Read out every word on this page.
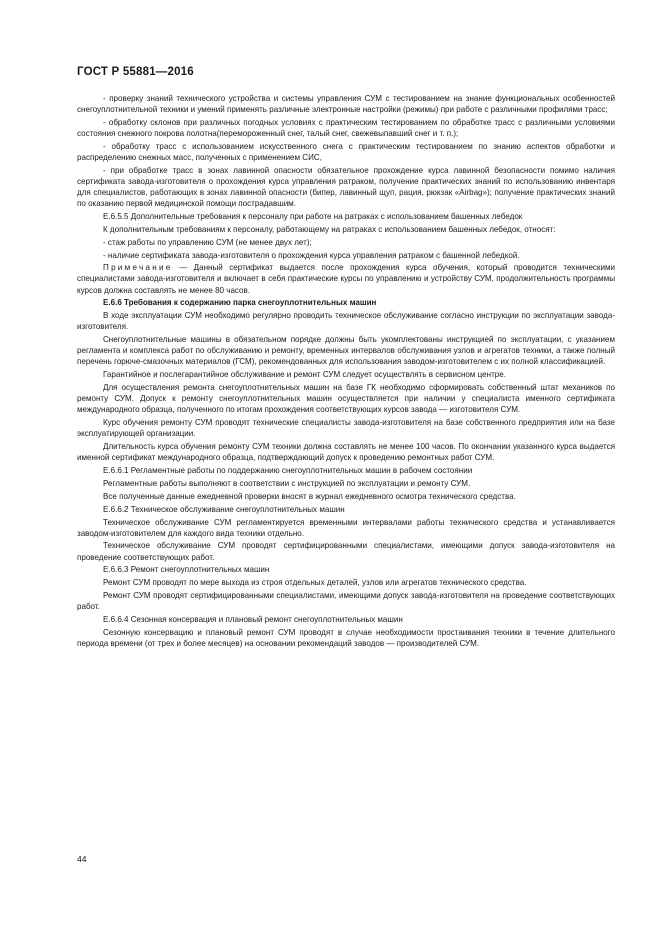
ГОСТ Р 55881—2016

- проверку знаний технического устройства и системы управления СУМ с тестированием на знание функциональных особенностей снегоуплотнительной техники и умений применять различные электронные настройки (режимы) при работе с различными профилями трасс;

- обработку склонов при различных погодных условиях с практическим тестированием по обработке трасс с различными условиями состояния снежного покрова полотна(перемороженный снег, талый снег, свежевыпавший снег и т. п.);

- обработку трасс с использованием искусственного снега с практическим тестированием по знанию аспектов обработки и распределению снежных масс, полученных с применением СИС,

- при обработке трасс в зонах лавинной опасности обязательное прохождение курса лавинной безопасности помимо наличия сертификата завода-изготовителя о прохождения курса управления ратраком, получение практических знаний по использованию инвентаря для специалистов, работающих в зонах лавинной опасности (бипер, лавинный щуп, рация, рюкзак «Airbag»); получение практических знаний по оказанию первой медицинской помощи пострадавшим.

Е.6.5.5 Дополнительные требования к персоналу при работе на ратраках с использованием башенных лебедок

К дополнительным требованиям к персоналу, работающему на ратраках с использованием башенных лебедок, относят:

- стаж работы по управлению СУМ (не менее двух лет);

- наличие сертификата завода-изготовителя о прохождения курса управления ратраком с башенной лебедкой.

Примечание — Данный сертификат выдается после прохождения курса обучения, который проводится техническими специалистами завода-изготовителя и включает в себя практические курсы по управлению и устройству СУМ, продолжительность программы курсов должна составлять не менее 80 часов.

Е.6.6 Требования к содержанию парка снегоуплотнительных машин

В ходе эксплуатации СУМ необходимо регулярно проводить техническое обслуживание согласно инструкции по эксплуатации завода-изготовителя.

Снегоуплотнительные машины в обязательном порядке должны быть укомплектованы инструкцией по эксплуатации, с указанием регламента и комплекса работ по обслуживанию и ремонту, временных интервалов обслуживания узлов и агрегатов техники, а также полный перечень горюче-смазочных материалов (ГСМ), рекомендованных для использования заводом-изготовителем с их полной классификацией.

Гарантийное и послегарантийное обслуживание и ремонт СУМ следует осуществлять в сервисном центре.

Для осуществления ремонта снегоуплотнительных машин на базе ГК необходимо сформировать собственный штат механиков по ремонту СУМ. Допуск к ремонту снегоуплотнительных машин осуществляется при наличии у специалиста именного сертификата международного образца, полученного по итогам прохождения соответствующих курсов завода — изготовителя СУМ.

Курс обучения ремонту СУМ проводят технические специалисты завода-изготовителя на базе собственного предприятия или на базе эксплуатирующей организации.

Длительность курса обучения ремонту СУМ техники должна составлять не менее 100 часов. По окончании указанного курса выдается именной сертификат международного образца, подтверждающий допуск к проведению ремонтных работ СУМ.

Е.6.6.1 Регламентные работы по поддержанию снегоуплотнительных машин в рабочем состоянии

Регламентные работы выполняют в соответствии с инструкцией по эксплуатации и ремонту СУМ.

Все полученные данные ежедневной проверки вносят в журнал ежедневного осмотра технического средства.

Е.6.6.2 Техническое обслуживание снегоуплотнительных машин

Техническое обслуживание СУМ регламентируется временными интервалами работы технического средства и устанавливается заводом-изготовителем для каждого вида техники отдельно.

Техническое обслуживание СУМ проводят сертифицированными специалистами, имеющими допуск завода-изготовителя на проведение соответствующих работ.

Е.6.6.3 Ремонт снегоуплотнительных машин

Ремонт СУМ проводят по мере выхода из строя отдельных деталей, узлов или агрегатов технического средства.

Ремонт СУМ проводят сертифицированными специалистами, имеющими допуск завода-изготовителя на проведение соответствующих работ.

Е.6.6.4 Сезонная консервация и плановый ремонт снегоуплотнительных машин

Сезонную консервацию и плановый ремонт СУМ проводят в случае необходимости простаивания техники в течение длительного периода времени (от трех и более месяцев) на основании рекомендаций заводов — производителей СУМ.

44
